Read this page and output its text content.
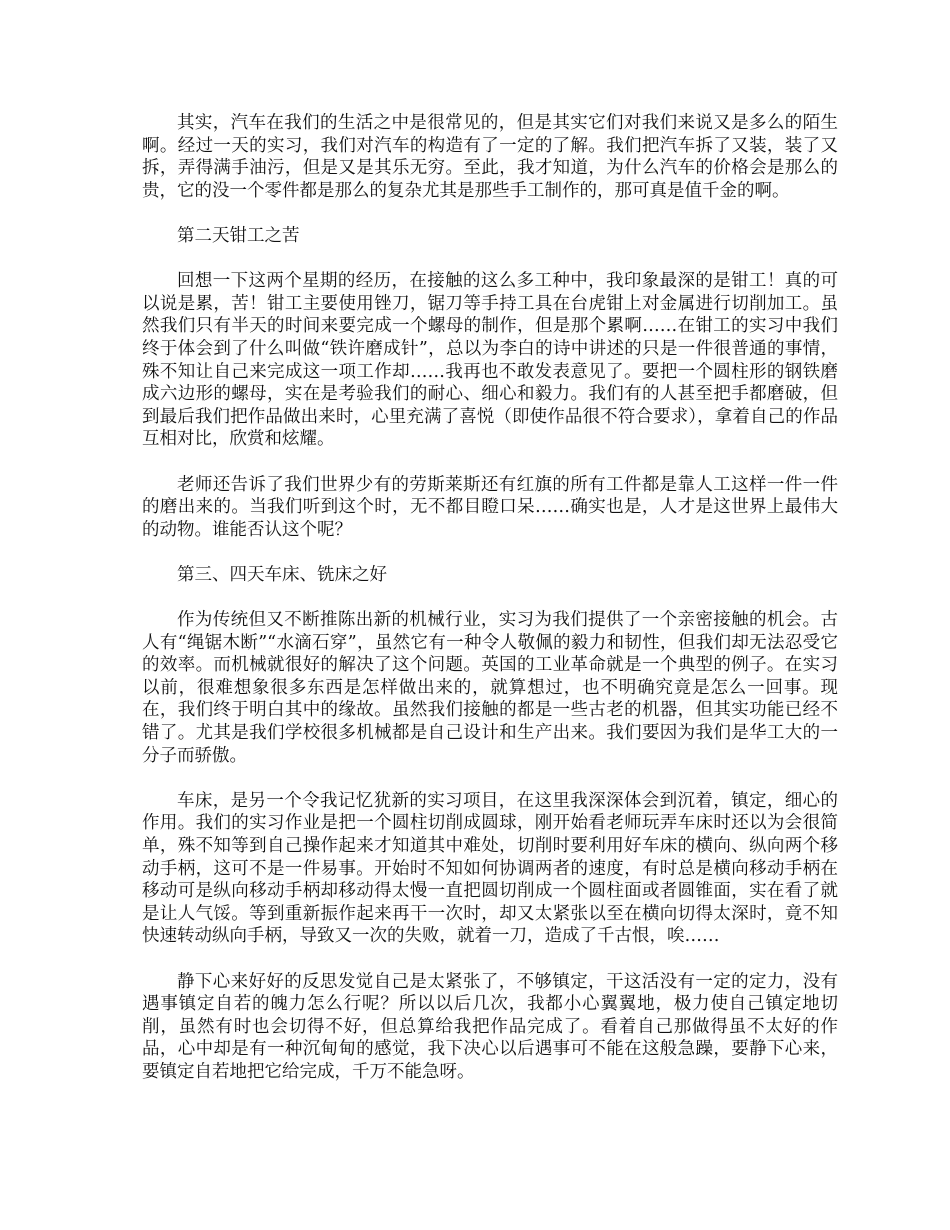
其实，汽车在我们的生活之中是很常见的，但是其实它们对我们来说又是多么的陌生啊。经过一天的实习，我们对汽车的构造有了一定的了解。我们把汽车拆了又装，装了又拆，弄得满手油污，但是又是其乐无穷。至此，我才知道，为什么汽车的价格会是那么的贵，它的没一个零件都是那么的复杂尤其是那些手工制作的，那可真是值千金的啊。

第二天钳工之苦

回想一下这两个星期的经历，在接触的这么多工种中，我印象最深的是钳工！真的可以说是累，苦！钳工主要使用锉刀，锯刀等手持工具在台虎钳上对金属进行切削加工。虽然我们只有半天的时间来要完成一个螺母的制作，但是那个累啊……在钳工的实习中我们终于体会到了什么叫做“铁许磨成针”，总以为李白的诗中讲述的只是一件很普通的事情，殊不知让自己来完成这一项工作却……我再也不敢发表意见了。要把一个圆柱形的钢铁磨成六边形的螺母，实在是考验我们的耐心、细心和毅力。我们有的人甚至把手都磨破，但到最后我们把作品做出来时，心里充满了喜悦（即使作品很不符合要求），拿着自己的作品互相对比，欣赏和炫耀。

老师还告诉了我们世界少有的劳斯莱斯还有红旗的所有工件都是靠人工这样一件一件的磨出来的。当我们听到这个时，无不都目瞪口呆……确实也是，人才是这世界上最伟大的动物。谁能否认这个呢？

第三、四天车床、铣床之好

作为传统但又不断推陈出新的机械行业，实习为我们提供了一个亲密接触的机会。古人有“绳锯木断”“水滴石穿”，虽然它有一种令人敬佩的毅力和韧性，但我们却无法忍受它的效率。而机械就很好的解决了这个问题。英国的工业革命就是一个典型的例子。在实习以前，很难想象很多东西是怎样做出来的，就算想过，也不明确究竟是怎么一回事。现在，我们终于明白其中的缘故。虽然我们接触的都是一些古老的机器，但其实功能已经不错了。尤其是我们学校很多机械都是自己设计和生产出来。我们要因为我们是华工大的一分子而骄傲。

车床，是另一个令我记忆犹新的实习项目，在这里我深深体会到沉着，镇定，细心的作用。我们的实习作业是把一个圆柱切削成圆球，刚开始看老师玩弄车床时还以为会很简单，殊不知等到自己操作起来才知道其中难处，切削时要利用好车床的横向、纵向两个移动手柄，这可不是一件易事。开始时不知如何协调两者的速度，有时总是横向移动手柄在移动可是纵向移动手柄却移动得太慢一直把圆切削成一个圆柱面或者圆锥面，实在看了就是让人气馁。等到重新振作起来再干一次时，却又太紧张以至在横向切得太深时，竟不知快速转动纵向手柄，导致又一次的失败，就着一刀，造成了千古恨，唉……

静下心来好好的反思发觉自己是太紧张了，不够镇定，干这活没有一定的定力，没有遇事镇定自若的魄力怎么行呢？所以以后几次，我都小心翼翼地，极力使自己镇定地切削，虽然有时也会切得不好，但总算给我把作品完成了。看着自己那做得虽不太好的作品，心中却是有一种沉甸甸的感觉，我下决心以后遇事可不能在这般急躁，要静下心来，要镇定自若地把它给完成，千万不能急呀。
